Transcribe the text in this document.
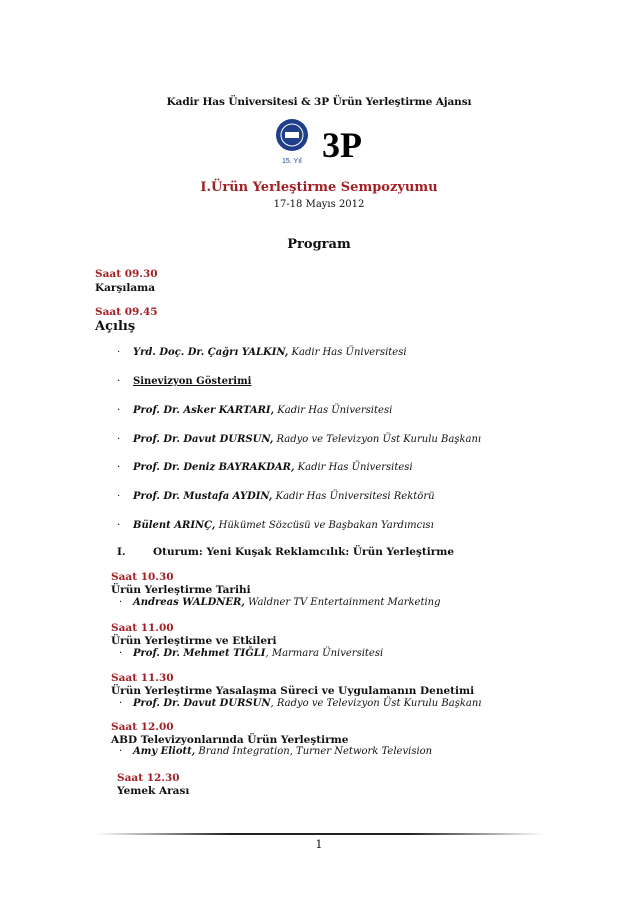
Kadir Has Üniversitesi & 3P Ürün Yerleştirme Ajansı
15. Yıl 3P
I.Ürün Yerleştirme Sempozyumu
17-18 Mayıs 2012
Program
Saat 09.30
Karşılama
Saat 09.45
Açılış
· Yrd. Doç. Dr. Çağrı YALKIN, Kadir Has Üniversitesi
· Sinevizyon Gösterimi
· Prof. Dr. Asker KARTARI, Kadir Has Üniversitesi
· Prof. Dr. Davut DURSUN, Radyo ve Televizyon Üst Kurulu Başkanı
· Prof. Dr. Deniz BAYRAKDAR, Kadir Has Üniversitesi
· Prof. Dr. Mustafa AYDIN, Kadir Has Üniversitesi Rektörü
· Bülent ARINÇ, Hükümet Sözcüsü ve Başbakan Yardımcısı
I.	Oturum: Yeni Kuşak Reklamcılık: Ürün Yerleştirme
Saat 10.30
Ürün Yerleştirme Tarihi
· Andreas WALDNER, Waldner TV Entertainment Marketing
Saat 11.00
Ürün Yerleştirme ve Etkileri
· Prof. Dr. Mehmet TIĞLI, Marmara Üniversitesi
Saat 11.30
Ürün Yerleştirme Yasalaşma Süreci ve Uygulamanın Denetimi
· Prof. Dr. Davut DURSUN, Radyo ve Televizyon Üst Kurulu Başkanı
Saat 12.00
ABD Televizyonlarında Ürün Yerleştirme
· Amy Eliott, Brand Integration, Turner Network Television
Saat 12.30
Yemek Arası
1
